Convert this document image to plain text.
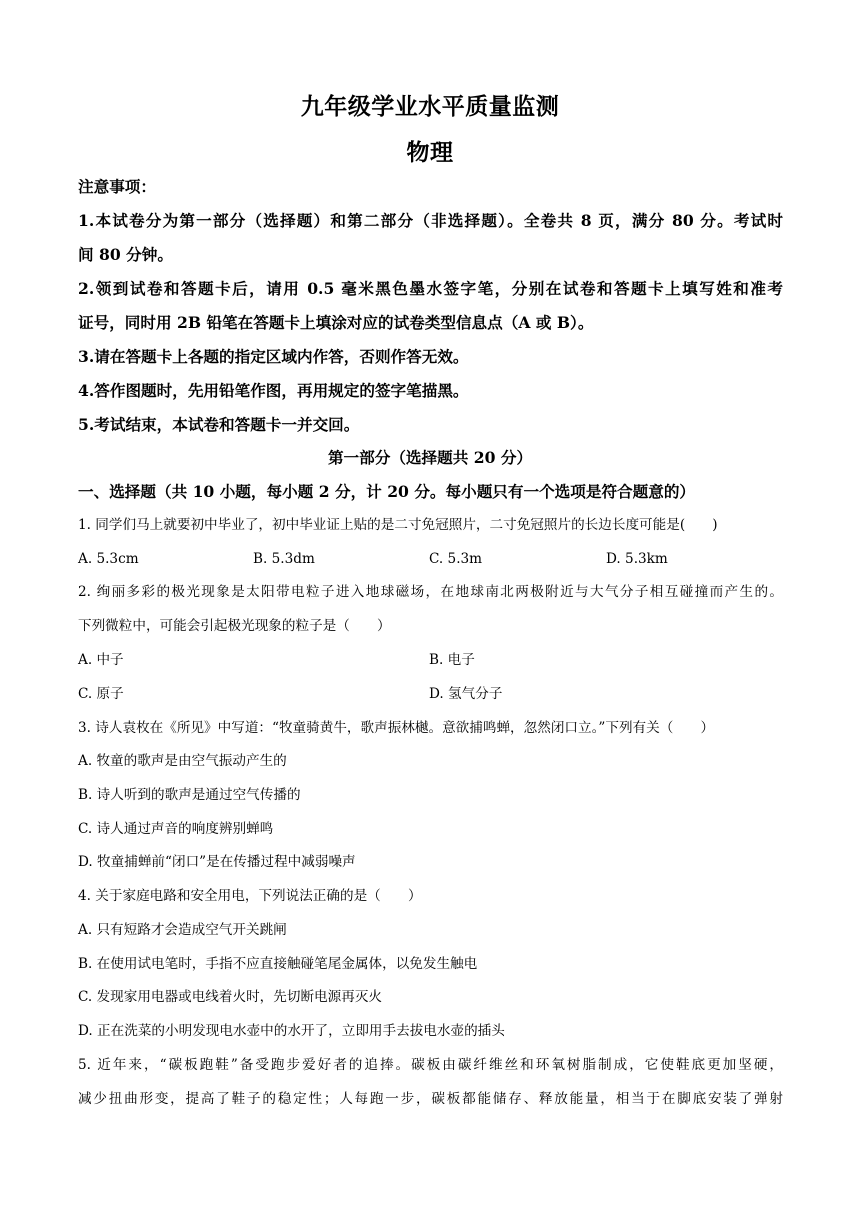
九年级学业水平质量监测
物理
注意事项：
1.本试卷分为第一部分（选择题）和第二部分（非选择题）。全卷共 8 页，满分 80 分。考试时
间 80 分钟。
2.领到试卷和答题卡后，请用 0.5 毫米黑色墨水签字笔，分别在试卷和答题卡上填写姓和准考
证号，同时用 2B 铅笔在答题卡上填涂对应的试卷类型信息点（A 或 B）。
3.请在答题卡上各题的指定区域内作答，否则作答无效。
4.答作图题时，先用铅笔作图，再用规定的签字笔描黑。
5.考试结束，本试卷和答题卡一并交回。
第一部分（选择题共 20 分）
一、选择题（共 10 小题，每小题 2 分，计 20 分。每小题只有一个选项是符合题意的）
1. 同学们马上就要初中毕业了，初中毕业证上贴的是二寸免冠照片，二寸免冠照片的长边长度可能是(　　)
A. 5.3cm	B. 5.3dm	C. 5.3m	D. 5.3km
2. 绚丽多彩的极光现象是太阳带电粒子进入地球磁场，在地球南北两极附近与大气分子相互碰撞而产生的。
下列微粒中，可能会引起极光现象的粒子是（　　）
A. 中子	B. 电子
C. 原子	D. 氢气分子
3. 诗人袁枚在《所见》中写道：“牧童骑黄牛，歌声振林樾。意欲捕鸣蝉，忽然闭口立。”下列有关（　　）
A. 牧童的歌声是由空气振动产生的
B. 诗人听到的歌声是通过空气传播的
C. 诗人通过声音的响度辨别蝉鸣
D. 牧童捕蝉前“闭口”是在传播过程中减弱噪声
4. 关于家庭电路和安全用电，下列说法正确的是（　　）
A. 只有短路才会造成空气开关跳闸
B. 在使用试电笔时，手指不应直接触碰笔尾金属体，以免发生触电
C. 发现家用电器或电线着火时，先切断电源再灭火
D. 正在洗菜的小明发现电水壶中的水开了，立即用手去拔电水壶的插头
5. 近年来，“碳板跑鞋”备受跑步爱好者的追捧。碳板由碳纤维丝和环氧树脂制成，它使鞋底更加坚硬，
减少扭曲形变，提高了鞋子的稳定性；人每跑一步，碳板都能储存、释放能量，相当于在脚底安装了弹射
